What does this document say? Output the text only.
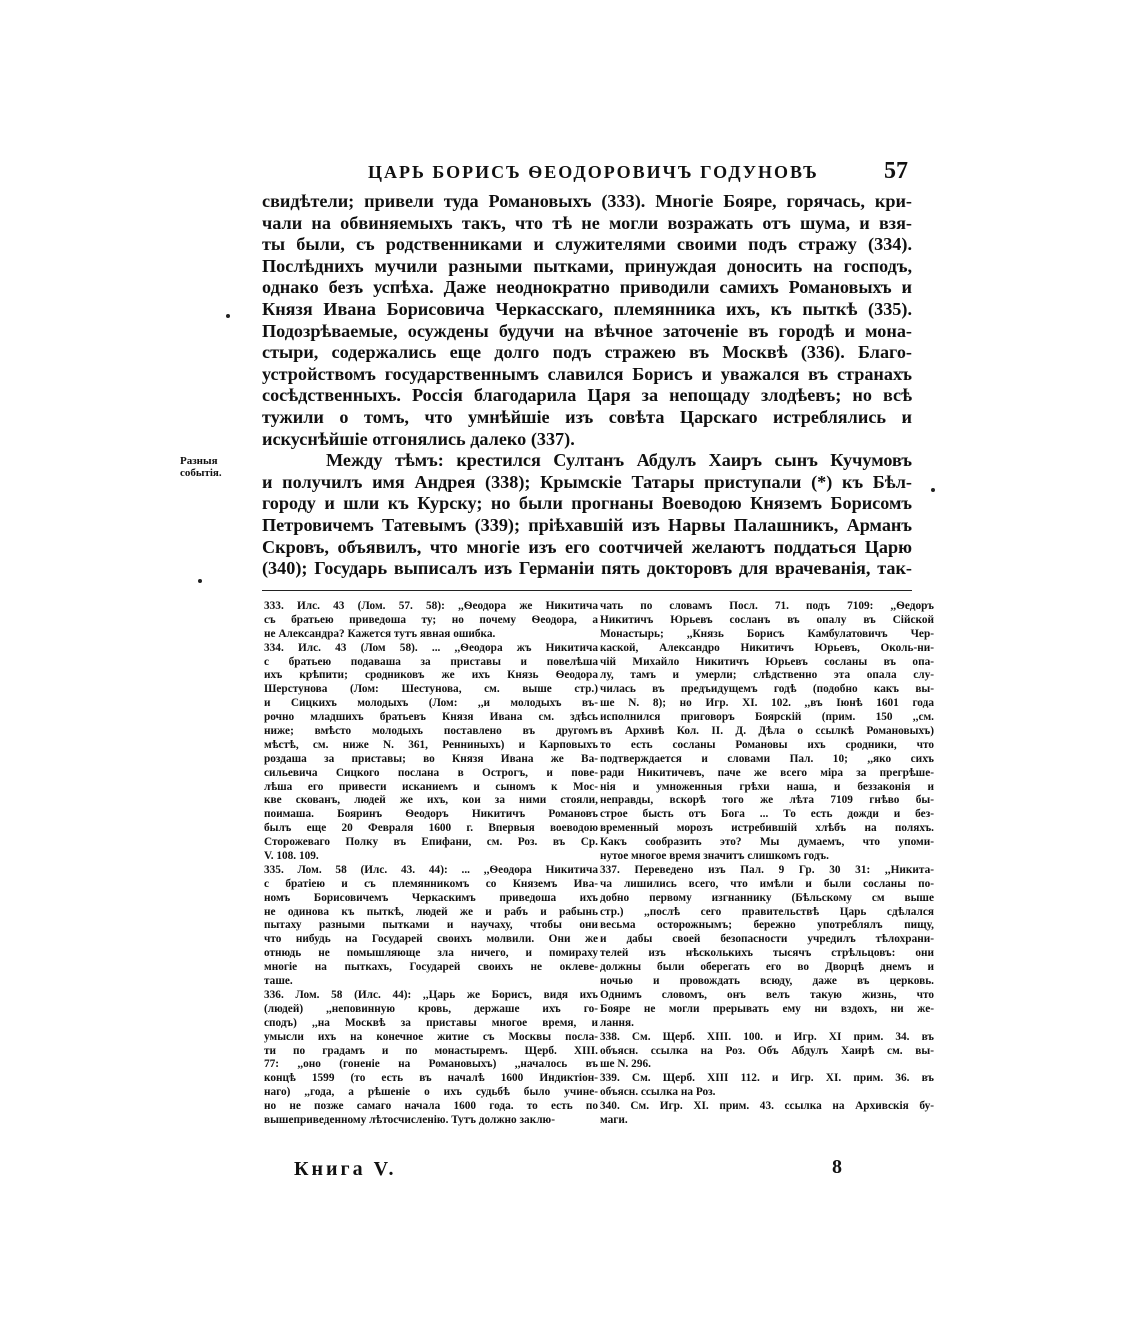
ЦАРЬ БОРИСЪ ѲЕОДОРОВИЧЪ ГОДУНОВЪ	57
Разныя событія.
свидѣтели; привели туда Романовыхъ (333). Многіе Бояре, горячась, кри-
чали на обвиняемыхъ такъ, что тѣ не могли возражать отъ шума, и взя-
ты были, съ родственниками и служителями своими подъ стражу (334).
Послѣднихъ мучили разными пытками, принуждая доносить на господъ,
однако безъ успѣха. Даже неоднократно приводили самихъ Романовыхъ и
Князя Ивана Борисовича Черкасскаго, племянника ихъ, къ пыткѣ (335).
Подозрѣваемые, осуждены будучи на вѣчное заточеніе въ городѣ и мона-
стыри, содержались еще долго подъ стражею въ Москвѣ (336). Благо-
устройствомъ государственнымъ славился Борисъ и уважался въ странахъ
сосѣдственныхъ. Россія благодарила Царя за непощаду злодѣевъ; но всѣ
тужили о томъ, что умнѣйшіе изъ совѣта Царскаго истреблялись и
искуснѣйшіе отгонялись далеко (337).
Между тѣмъ: крестился Султанъ Абдулъ Хаиръ сынъ Кучумовъ
и получилъ имя Андрея (338); Крымскіе Татары приступали (*) къ Бѣл-
городу и шли къ Курску; но были прогнаны Воеводою Княземъ Борисомъ
Петровичемъ Татевымъ (339); пріѣхавшій изъ Нарвы Палашникъ, Арманъ
Скровъ, объявилъ, что многіе изъ его соотчичей желаютъ поддаться Царю
(340); Государь выписалъ изъ Германіи пять докторовъ для врачеванія, так-
333. Илс. 43 (Лом. 57. 58): ,,Ѳеодора же Никитича
съ братьею приведоша ту; но почему Ѳеодора, а
не Александра? Кажется тутъ явная ошибка.
334. Илс. 43 (Лом 58). ... ,,Ѳеодора жъ Никитича
с братьею подаваша за приставы и повелѣша
ихъ крѣпити; сродниковъ же ихъ Князь Ѳеодора
Шерстунова (Лом: Шестунова, см. выше стр.)
и Сицкихъ молодыхъ (Лом: ,,и молодыхъ въ-
рочно младшихъ братьевъ Князя Ивана см. здѣсь
ниже; вмѣсто молодыхъ поставлено въ другомъ
мѣстѣ, см. ниже N. 361, Ренниныхъ) и Карповыхъ
роздаша за приставы; во Князя Ивана же Ва-
сильевича Сицкого послана в Острогъ, и пове-
лѣша его привести исканиемъ и сыномъ к Мос-
кве скованъ, людей же ихъ, кои за ними стояли,
поимаша. Бояринъ Ѳеодоръ Никитичъ Романовъ
былъ еще 20 Февраля 1600 г. Впервыя воеводою
Сторожеваго Полку въ Епифани, см. Роз. въ Ср.
V. 108. 109.
335. Лом. 58 (Илс. 43. 44): ... ,,Ѳеодора Никитича
с братіею и съ племянникомъ со Княземъ Ива-
номъ Борисовичемъ Черкаскимъ приведоша ихъ
не одинова къ пыткѣ, людей же и рабъ и рабынь
пытаху разными пытками и научаху, чтобы они
что нибудь на Государей своихъ молвили. Они же
отнюдь не помышляюще зла ничего, и помираху
многіе на пыткахъ, Государей своихъ не оклеве-
таше.
336. Лом. 58 (Илс. 44): ,,Царь же Борисъ, видя ихъ
(людей) ,,неповинную кровь, держаше ихъ го-
сподъ) ,,на Москвѣ за приставы многое время, и
умысли ихъ на конечное житие съ Москвы посла-
ти по градамъ и по монастыремъ. Щерб. XIII.
77: ,,оно (гоненіе на Романовыхъ) ,,началось въ
концѣ 1599 (то есть въ началѣ 1600 Индиктіон-
наго) ,,года, а рѣшеніе о ихъ судьбѣ было учине-
но не позже самаго начала 1600 года. то есть по
вышеприведенному лѣтосчисленію. Тутъ должно заклю-
чать по словамъ Посл. 71. подъ 7109: ,,Ѳедоръ
Никитичъ Юрьевъ сосланъ въ опалу въ Сійской
Монастырь; ,,Князь Борисъ Камбулатовичъ Чер-
каской, Александро Никитичъ Юрьевъ, Околь-ни-
чій Михайло Никитичъ Юрьевъ сосланы въ опа-
лу, тамъ и умерли; слѣдственно эта опала слу-
чилась въ предъидущемъ годѣ (подобно какъ вы-
ше N. 8); но Игр. XI. 102. ,,въ Іюнѣ 1601 года
исполнился приговоръ Боярскій (прим. 150 ,,см.
въ Архивѣ Кол. II. Д. Дѣла о ссылкѣ Романовыхъ)
то есть сосланы Романовы ихъ сродники, что
подтверждается и словами Пал. 10; ,,яко сихъ
ради Никитичевъ, паче же всего міра за прегрѣше-
нія и умноженныя грѣхи наша, и беззаконія и
неправды, вскорѣ того же лѣта 7109 гнѣво бы-
строе бысть отъ Бога ... То есть дожди и без-
временный морозъ истребившій хлѣбъ на поляхъ.
Какъ сообразить это? Мы думаемъ, что упоми-
нутое многое время значитъ слишкомъ годъ.
337. Переведено изъ Пал. 9 Гр. 30 31: ,,Никита-
ча лишились всего, что имѣли и были сосланы по-
добно первому изгнаннику (Бѣльскому см выше
стр.) ,,послѣ сего правительствѣ Царь сдѣлался
весьма осторожнымъ; бережно употреблялъ пищу,
и дабы своей безопасности учредилъ тѣлохрани-
телей изъ нѣсколькихъ тысячъ стрѣльцовъ: они
должны были оберегать его во Дворцѣ днемъ и
ночью и провождать всюду, даже въ церковь.
Однимъ словомъ, онъ велъ такую жизнь, что
Бояре не могли прерывать ему ни вздохъ, ни же-
лання.
338. См. Щерб. XIII. 100. и Игр. XI прим. 34. въ
объясн. ссылка на Роз. Объ Абдулъ Хаирѣ см. вы-
ше N. 296.
339. См. Щерб. XIII 112. и Игр. XI. прим. 36. въ
объясн. ссылка на Роз.
340. См. Игр. XI. прим. 43. ссылка на Архивскія бу-
маги.
Книга V.	8
